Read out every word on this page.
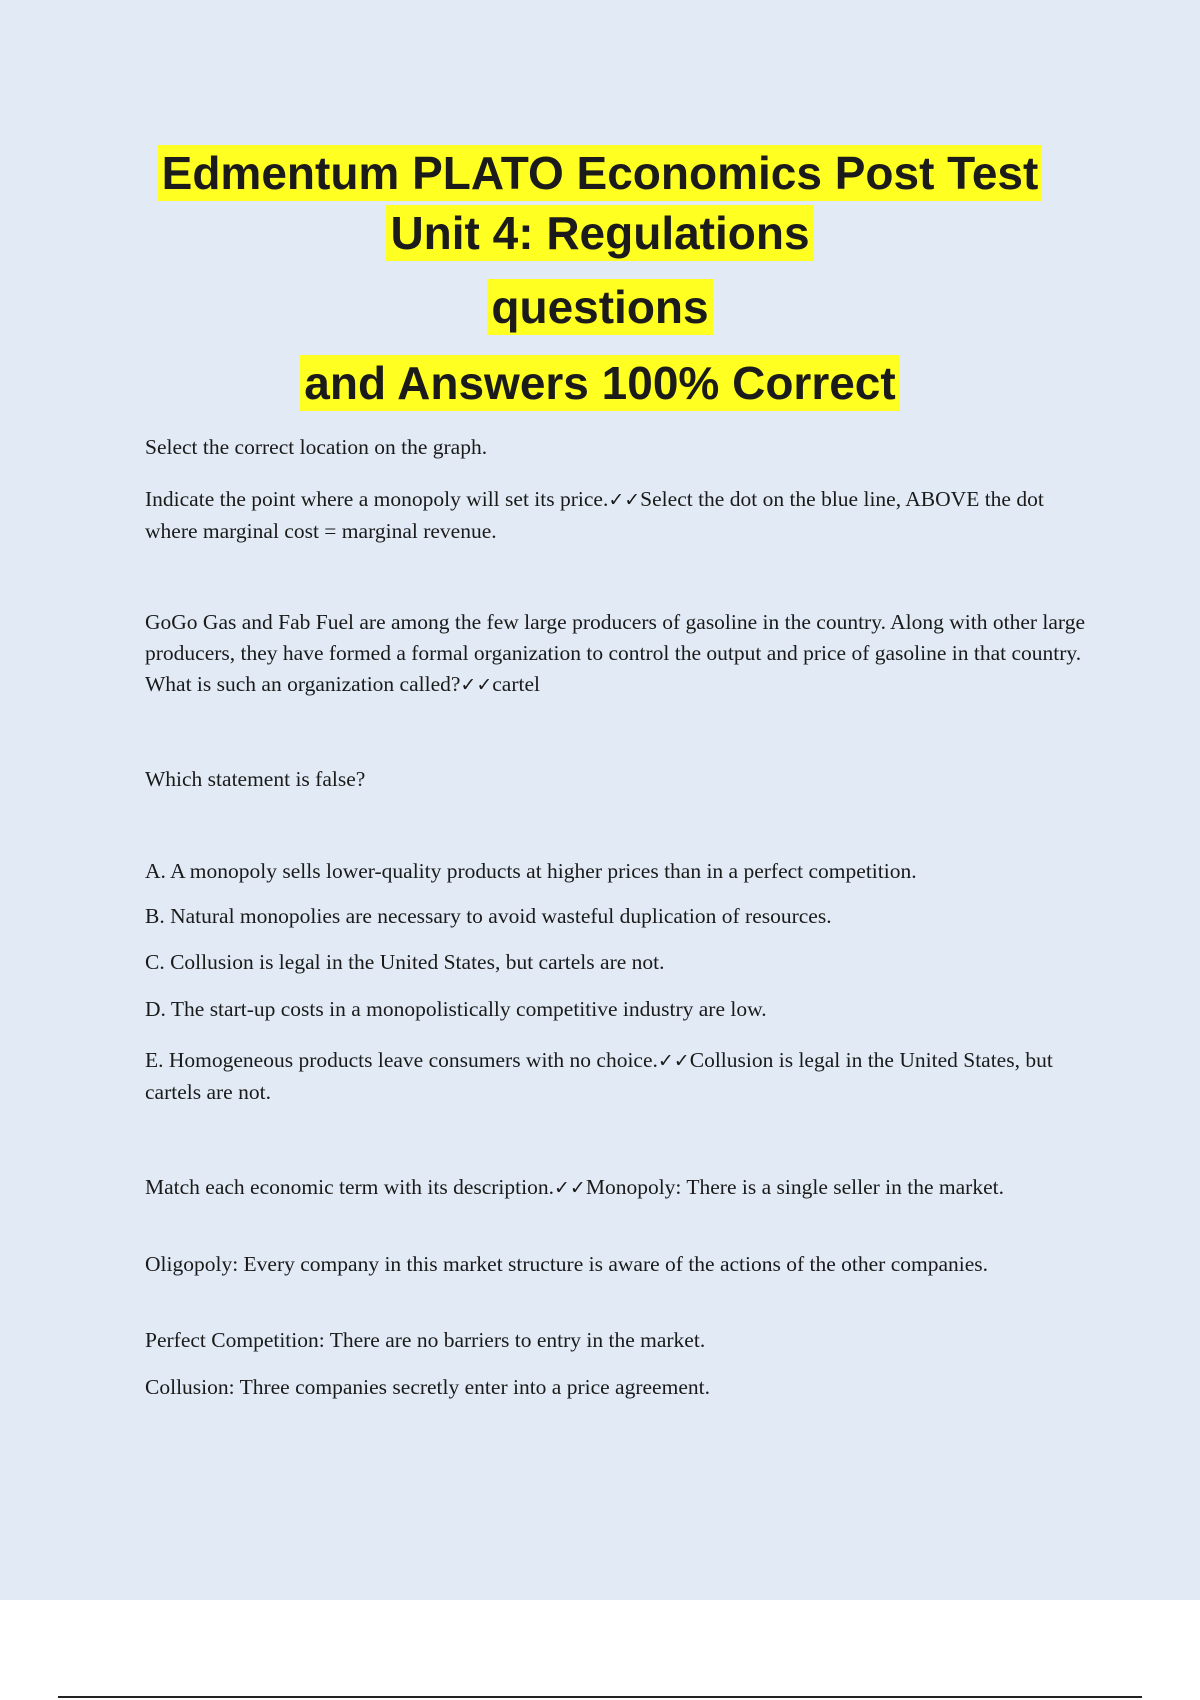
Edmentum PLATO Economics Post Test
Unit 4: Regulations
questions
and Answers 100% Correct

Select the correct location on the graph.

Indicate the point where a monopoly will set its price.✓✓Select the dot on the blue line, ABOVE the dot where marginal cost = marginal revenue.

GoGo Gas and Fab Fuel are among the few large producers of gasoline in the country. Along with other large producers, they have formed a formal organization to control the output and price of gasoline in that country. What is such an organization called?✓✓cartel

Which statement is false?

A. A monopoly sells lower-quality products at higher prices than in a perfect competition.

B. Natural monopolies are necessary to avoid wasteful duplication of resources.

C. Collusion is legal in the United States, but cartels are not.

D. The start-up costs in a monopolistically competitive industry are low.

E. Homogeneous products leave consumers with no choice.✓✓Collusion is legal in the United States, but cartels are not.

Match each economic term with its description.✓✓Monopoly: There is a single seller in the market.

Oligopoly: Every company in this market structure is aware of the actions of the other companies.

Perfect Competition: There are no barriers to entry in the market.

Collusion: Three companies secretly enter into a price agreement.
